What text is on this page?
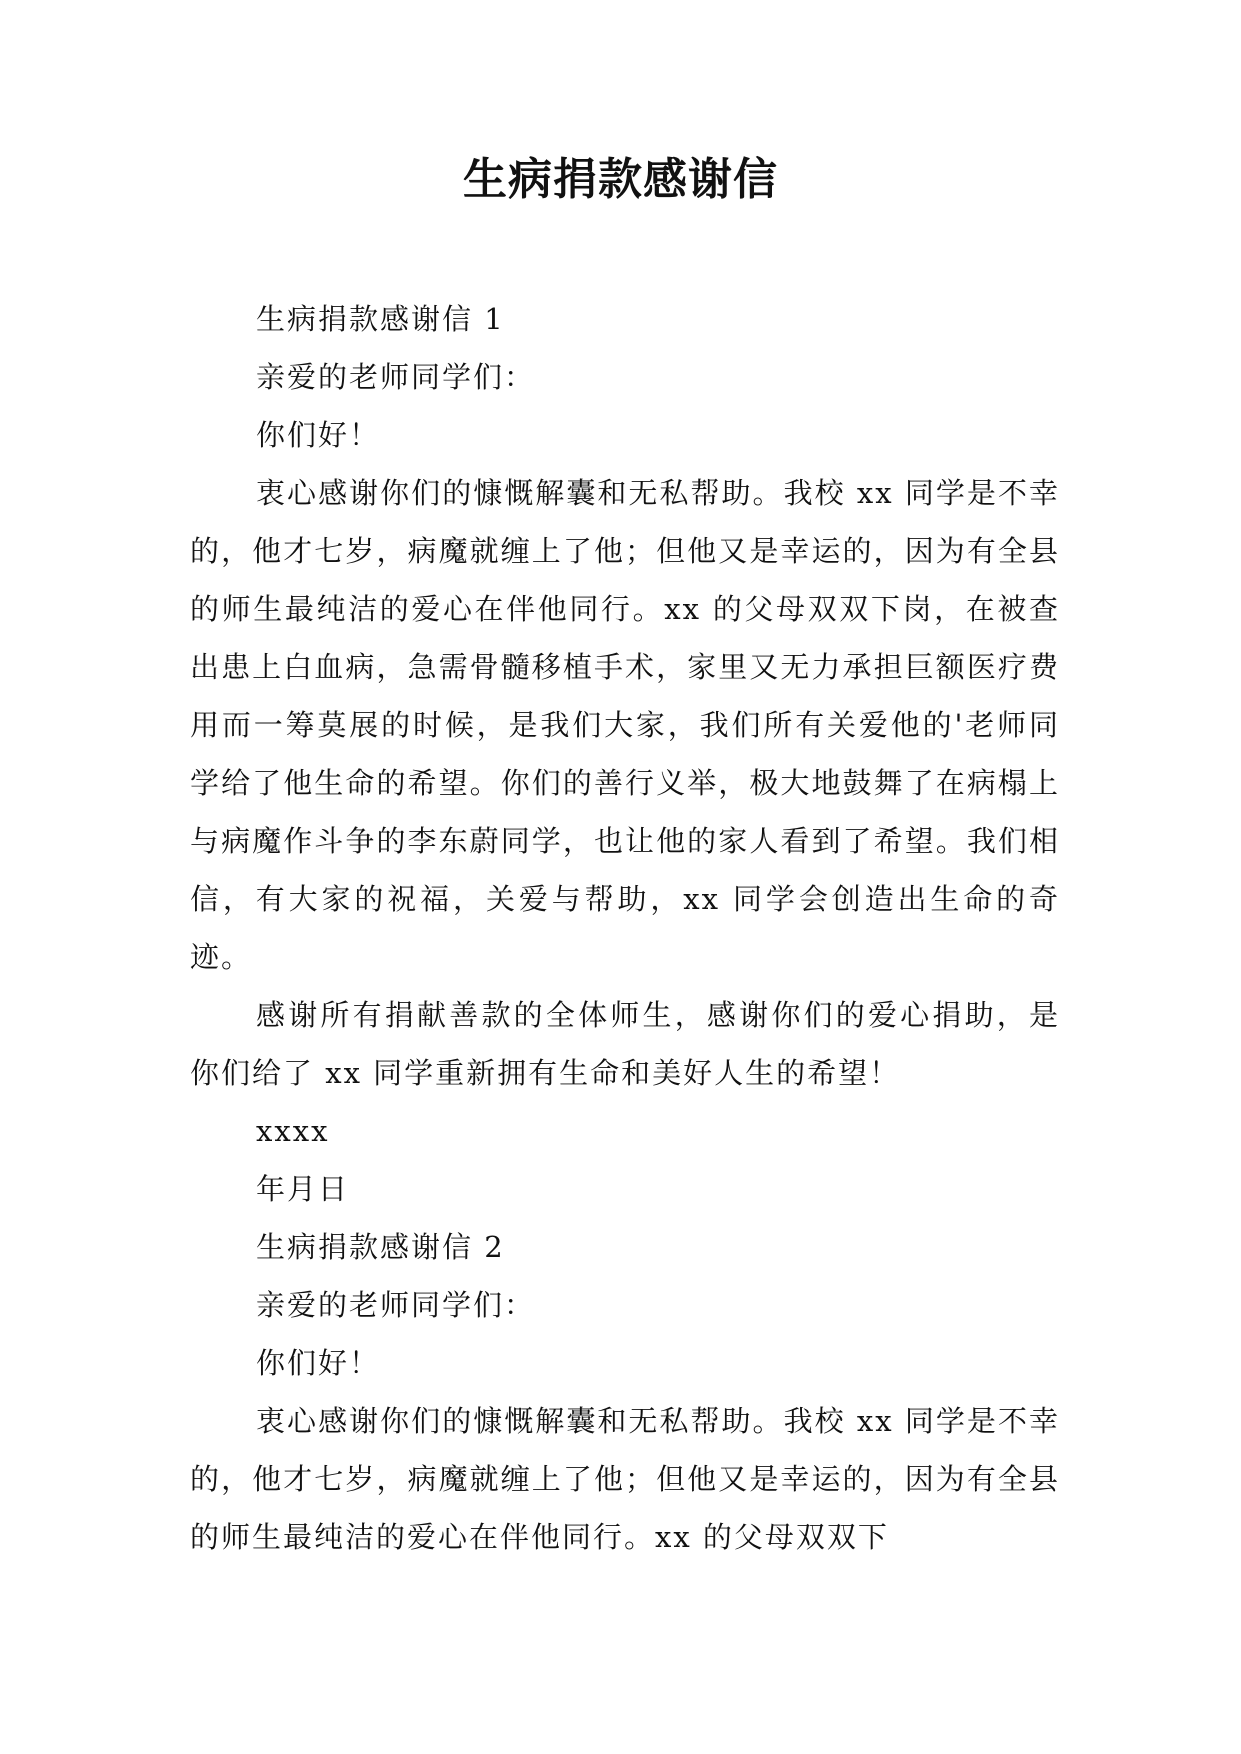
生病捐款感谢信

生病捐款感谢信 1

亲爱的老师同学们：

你们好！

衷心感谢你们的慷慨解囊和无私帮助。我校 xx 同学是不幸的，他才七岁，病魔就缠上了他；但他又是幸运的，因为有全县的师生最纯洁的爱心在伴他同行。xx 的父母双双下岗，在被查出患上白血病，急需骨髓移植手术，家里又无力承担巨额医疗费用而一筹莫展的时候，是我们大家，我们所有关爱他的'老师同学给了他生命的希望。你们的善行义举，极大地鼓舞了在病榻上与病魔作斗争的李东蔚同学，也让他的家人看到了希望。我们相信，有大家的祝福，关爱与帮助，xx 同学会创造出生命的奇迹。

感谢所有捐献善款的全体师生，感谢你们的爱心捐助，是你们给了 xx 同学重新拥有生命和美好人生的希望！

xxxx

年月日

生病捐款感谢信 2

亲爱的老师同学们：

你们好！

衷心感谢你们的慷慨解囊和无私帮助。我校 xx 同学是不幸的，他才七岁，病魔就缠上了他；但他又是幸运的，因为有全县的师生最纯洁的爱心在伴他同行。xx 的父母双双下
